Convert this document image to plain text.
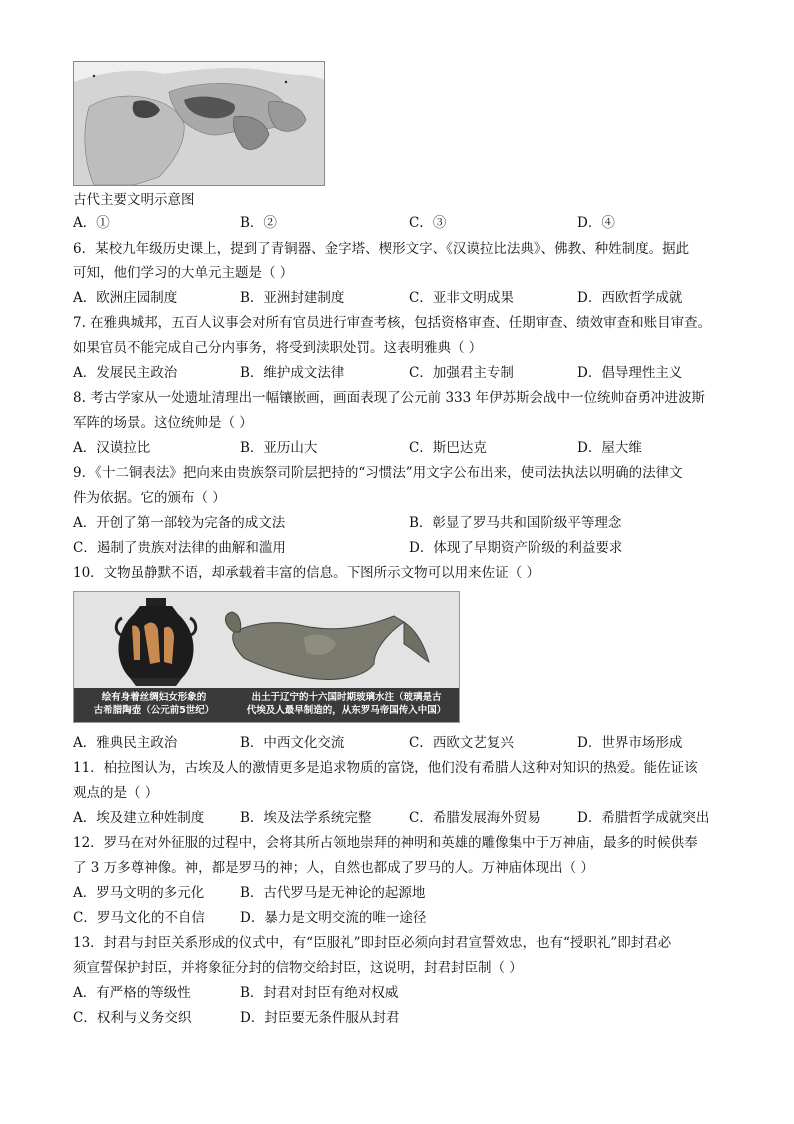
古代主要文明示意图
A．①	B．②	C．③	D．④
6．某校九年级历史课上，提到了青铜器、金字塔、楔形文字、《汉谟拉比法典》、佛教、种姓制度。据此
可知，他们学习的大单元主题是（ ）
A．欧洲庄园制度	B．亚洲封建制度	C．亚非文明成果	D．西欧哲学成就
7. 在雅典城邦，五百人议事会对所有官员进行审查考核，包括资格审查、任期审查、绩效审查和账目审查。
如果官员不能完成自己分内事务，将受到渎职处罚。这表明雅典（ ）
A．发展民主政治	B．维护成文法律	C．加强君主专制	D．倡导理性主义
8. 考古学家从一处遗址清理出一幅镶嵌画，画面表现了公元前 333 年伊苏斯会战中一位统帅奋勇冲进波斯
军阵的场景。这位统帅是（ ）
A．汉谟拉比	B．亚历山大	C．斯巴达克	D．屋大维
9．《十二铜表法》把向来由贵族祭司阶层把持的“习惯法”用文字公布出来，使司法执法以明确的法律文
件为依据。它的颁布（ ）
A．开创了第一部较为完备的成文法	B．彰显了罗马共和国阶级平等理念
C．遏制了贵族对法律的曲解和滥用	D．体现了早期资产阶级的利益要求
10．文物虽静默不语，却承载着丰富的信息。下图所示文物可以用来佐证（ ）
绘有身着丝绸妇女形象的
古希腊陶壶（公元前5世纪）
出土于辽宁的十六国时期玻璃水注（玻璃是古
代埃及人最早制造的，从东罗马帝国传入中国）
A．雅典民主政治	B．中西文化交流	C．西欧文艺复兴	D．世界市场形成
11．柏拉图认为，古埃及人的激情更多是追求物质的富饶，他们没有希腊人这种对知识的热爱。能佐证该
观点的是（ ）
A．埃及建立种姓制度	B．埃及法学系统完整	C．希腊发展海外贸易	D．希腊哲学成就突出
12．罗马在对外征服的过程中，会将其所占领地崇拜的神明和英雄的雕像集中于万神庙，最多的时候供奉
了 3 万多尊神像。神，都是罗马的神；人，自然也都成了罗马的人。万神庙体现出（ ）
A．罗马文明的多元化	B．古代罗马是无神论的起源地
C．罗马文化的不自信	D．暴力是文明交流的唯一途径
13．封君与封臣关系形成的仪式中，有“臣服礼”即封臣必须向封君宣誓效忠，也有“授职礼”即封君必
须宣誓保护封臣，并将象征分封的信物交给封臣，这说明，封君封臣制（ ）
A．有严格的等级性	B．封君对封臣有绝对权威
C．权利与义务交织	D．封臣要无条件服从封君
